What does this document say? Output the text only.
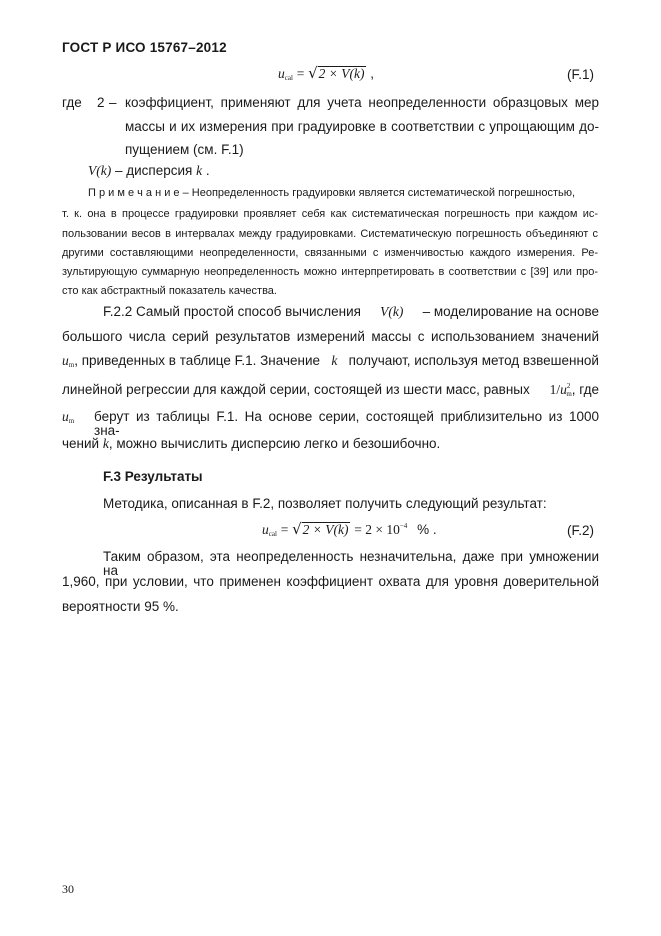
ГОСТ Р ИСО 15767–2012
$u_{cal} = √2 \times V(k)$ ,	(F.1)
где 2 – коэффициент, применяют для учета неопределенности образцовых мер
массы и их измерения при градуировке в соответствии с упрощающим до-
пущением (см. F.1)
V(k) – дисперсия k .
П р и м е ч а н и е – Неопределенность градуировки является систематической погрешностью,
т. к. она в процессе градуировки проявляет себя как систематическая погрешность при каждом ис-
пользовании весов в интервалах между градуировками. Систематическую погрешность объединяют с
другими составляющими неопределенности, связанными с изменчивостью каждого измерения. Ре-
зультирующую суммарную неопределенность можно интерпретировать в соответствии с [39] или про-
сто как абстрактный показатель качества.
F.2.2 Самый простой способ вычисления V(k) – моделирование на основе
большого числа серий результатов измерений массы с использованием значений
$u_m$, приведенных в таблице F.1. Значение k получают, используя метод взвешенной
линейной регрессии для каждой серии, состоящей из шести масс, равных $1/u^2_m$, где
$u_m$ берут из таблицы F.1. На основе серии, состоящей приблизительно из 1000 зна-
чений k, можно вычислить дисперсию легко и безошибочно.
F.3 Результаты
Методика, описанная в F.2, позволяет получить следующий результат:
$u_{cal} = √2 \times V(k) = 2 \times 10^{-4}$ % .	(F.2)
Таким образом, эта неопределенность незначительна, даже при умножении на
1,960, при условии, что применен коэффициент охвата для уровня доверительной
вероятности 95 %.
30
